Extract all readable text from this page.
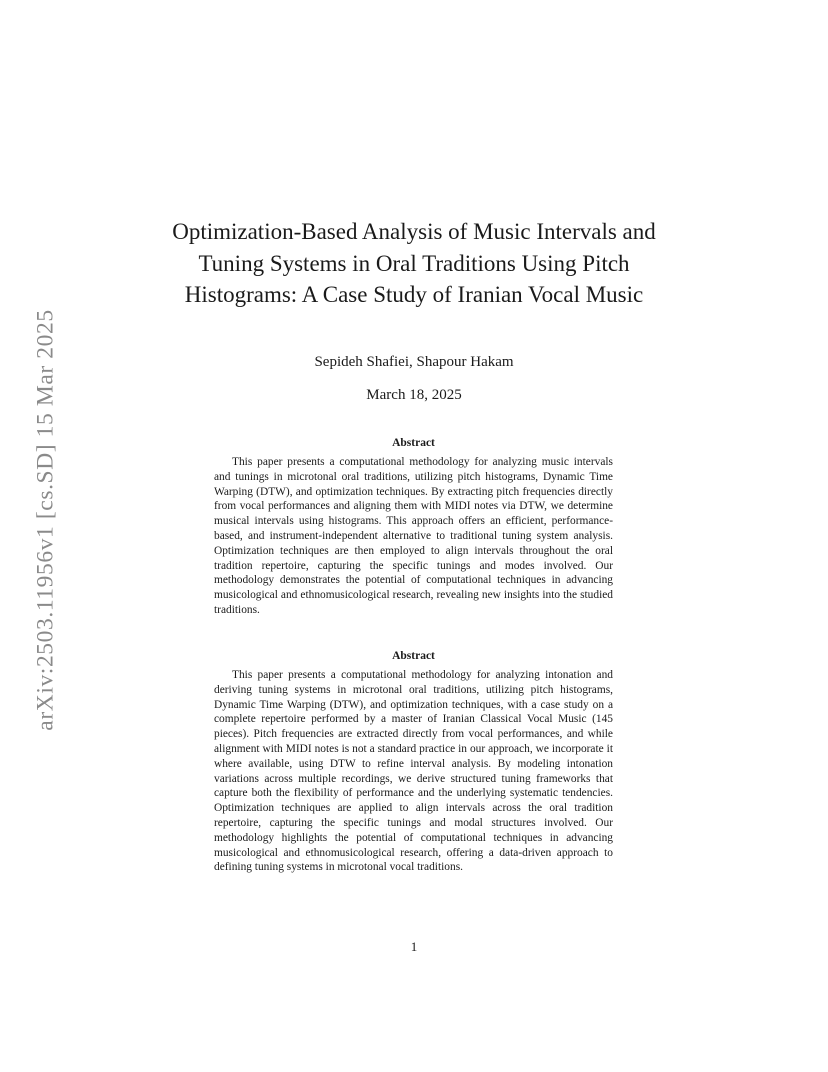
arXiv:2503.11956v1 [cs.SD] 15 Mar 2025
Optimization-Based Analysis of Music Intervals and Tuning Systems in Oral Traditions Using Pitch Histograms: A Case Study of Iranian Vocal Music
Sepideh Shafiei, Shapour Hakam
March 18, 2025
Abstract

This paper presents a computational methodology for analyzing music intervals and tunings in microtonal oral traditions, utilizing pitch histograms, Dynamic Time Warping (DTW), and optimization techniques. By extracting pitch frequencies directly from vocal performances and aligning them with MIDI notes via DTW, we determine musical intervals using histograms. This approach offers an efficient, performance-based, and instrument-independent alternative to traditional tuning system analysis. Optimization techniques are then employed to align intervals throughout the oral tradition repertoire, capturing the specific tunings and modes involved. Our methodology demonstrates the potential of computational techniques in advancing musicological and ethnomusicological research, revealing new insights into the studied traditions.

Abstract

This paper presents a computational methodology for analyzing intonation and deriving tuning systems in microtonal oral traditions, utilizing pitch histograms, Dynamic Time Warping (DTW), and optimization techniques, with a case study on a complete repertoire performed by a master of Iranian Classical Vocal Music (145 pieces). Pitch frequencies are extracted directly from vocal performances, and while alignment with MIDI notes is not a standard practice in our approach, we incorporate it where available, using DTW to refine interval analysis. By modeling intonation variations across multiple recordings, we derive structured tuning frameworks that capture both the flexibility of performance and the underlying systematic tendencies. Optimization techniques are applied to align intervals across the oral tradition repertoire, capturing the specific tunings and modal structures involved. Our methodology highlights the potential of computational techniques in advancing musicological and ethnomusicological research, offering a data-driven approach to defining tuning systems in microtonal vocal traditions.

1
